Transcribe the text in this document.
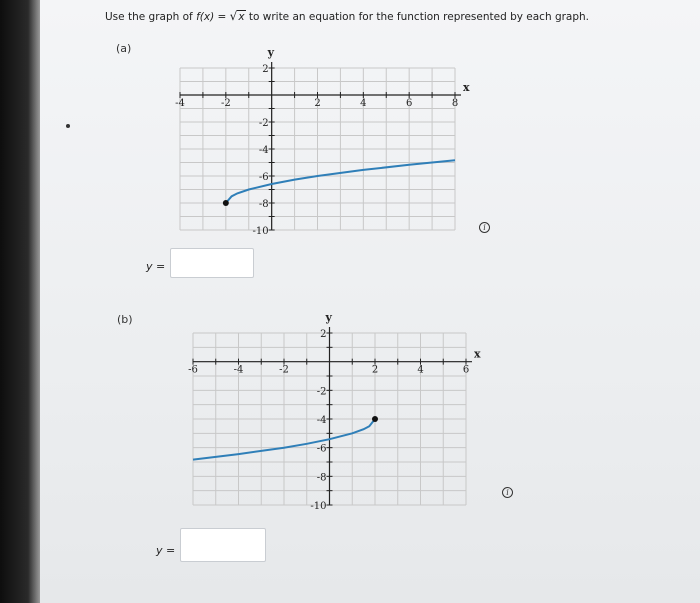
Use the graph of f(x) = √x to write an equation for the function represented by each graph.
(a)
x
y
-4	-2	2	4	6	8
2
-2
-4
-6
-8
-10	i
y =
(b)
x
y
-6	-4	-2	2	4	6
2
-2
-4
-6
-8
-10
i
y =
